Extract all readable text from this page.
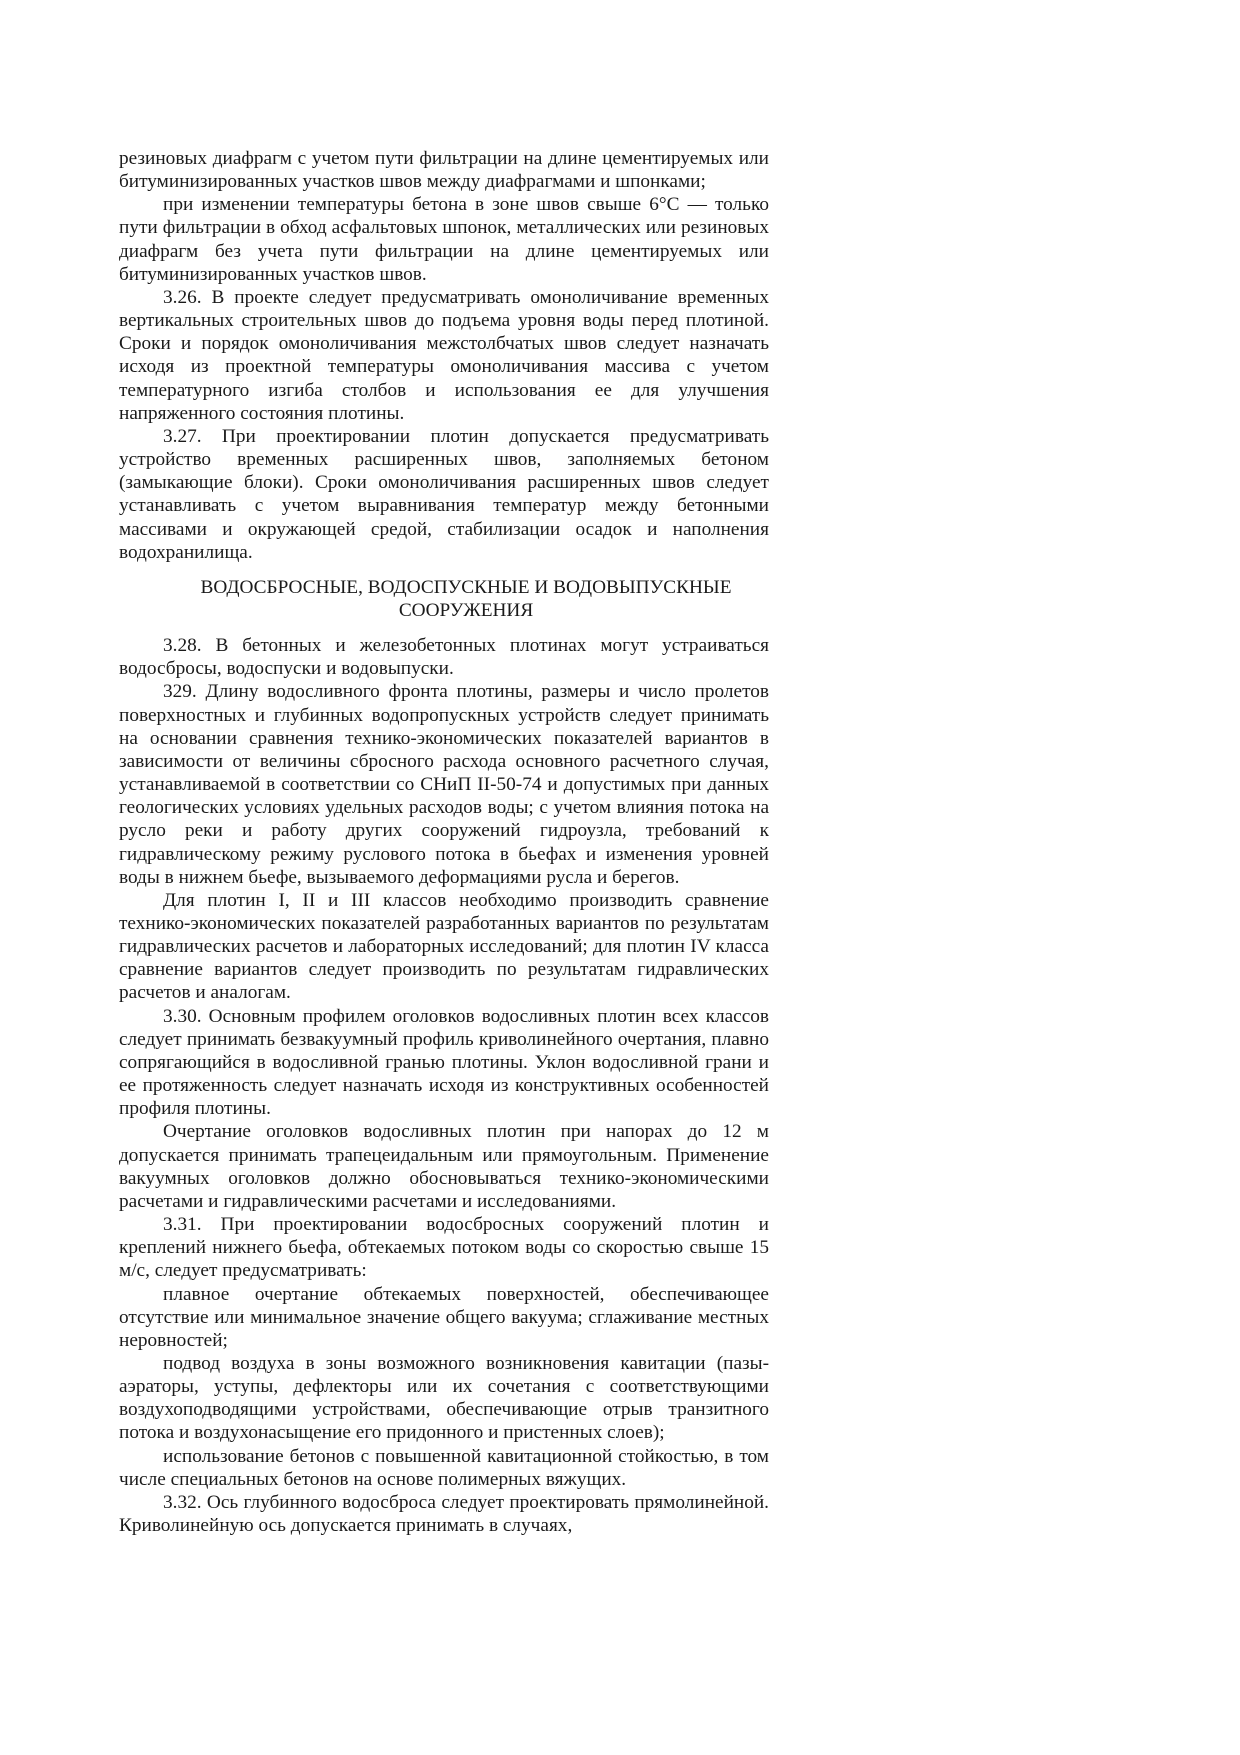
резиновых диафрагм с учетом пути фильтрации на длине цементируемых или битуминизированных участков швов между диафрагмами и шпонками;

при изменении температуры бетона в зоне швов свыше 6°С — только пути фильтрации в обход асфальтовых шпонок, металлических или резиновых диафрагм без учета пути фильтрации на длине цементируемых или битуминизированных участков швов.

3.26. В проекте следует предусматривать омоноличивание временных вертикальных строительных швов до подъема уровня воды перед плотиной. Сроки и порядок омоноличивания межстолбчатых швов следует назначать исходя из проектной температуры омоноличивания массива с учетом температурного изгиба столбов и использования ее для улучшения напряженного состояния плотины.

3.27. При проектировании плотин допускается предусматривать устройство временных расширенных швов, заполняемых бетоном (замыкающие блоки). Сроки омоноличивания расширенных швов следует устанавливать с учетом выравнивания температур между бетонными массивами и окружающей средой, стабилизации осадок и наполнения водохранилища.

ВОДОСБРОСНЫЕ, ВОДОСПУСКНЫЕ И ВОДОВЫПУСКНЫЕ
СООРУЖЕНИЯ

3.28. В бетонных и железобетонных плотинах могут устраиваться водосбросы, водоспуски и водовыпуски.

329. Длину водосливного фронта плотины, размеры и число пролетов поверхностных и глубинных водопропускных устройств следует принимать на основании сравнения технико-экономических показателей вариантов в зависимости от величины сбросного расхода основного расчетного случая, устанавливаемой в соответствии со СНиП II-50-74 и допустимых при данных геологических условиях удельных расходов воды; с учетом влияния потока на русло реки и работу других сооружений гидроузла, требований к гидравлическому режиму руслового потока в бьефах и изменения уровней воды в нижнем бьефе, вызываемого деформациями русла и берегов.

Для плотин I, II и III классов необходимо производить сравнение технико-экономических показателей разработанных вариантов по результатам гидравлических расчетов и лабораторных исследований; для плотин IV класса сравнение вариантов следует производить по результатам гидравлических расчетов и аналогам.

3.30. Основным профилем оголовков водосливных плотин всех классов следует принимать безвакуумный профиль криволинейного очертания, плавно сопрягающийся в водосливной гранью плотины. Уклон водосливной грани и ее протяженность следует назначать исходя из конструктивных особенностей профиля плотины.

Очертание оголовков водосливных плотин при напорах до 12 м допускается принимать трапецеидальным или прямоугольным. Применение вакуумных оголовков должно обосновываться технико-экономическими расчетами и гидравлическими расчетами и исследованиями.

3.31. При проектировании водосбросных сооружений плотин и креплений нижнего бьефа, обтекаемых потоком воды со скоростью свыше 15 м/с, следует предусматривать:

плавное очертание обтекаемых поверхностей, обеспечивающее отсутствие или минимальное значение общего вакуума; сглаживание местных неровностей;

подвод воздуха в зоны возможного возникновения кавитации (пазы-аэраторы, уступы, дефлекторы или их сочетания с соответствующими воздухоподводящими устройствами, обеспечивающие отрыв транзитного потока и воздухонасыщение его придонного и пристенных слоев);

использование бетонов с повышенной кавитационной стойкостью, в том числе специальных бетонов на основе полимерных вяжущих.

3.32. Ось глубинного водосброса следует проектировать прямолинейной. Криволинейную ось допускается принимать в случаях,
